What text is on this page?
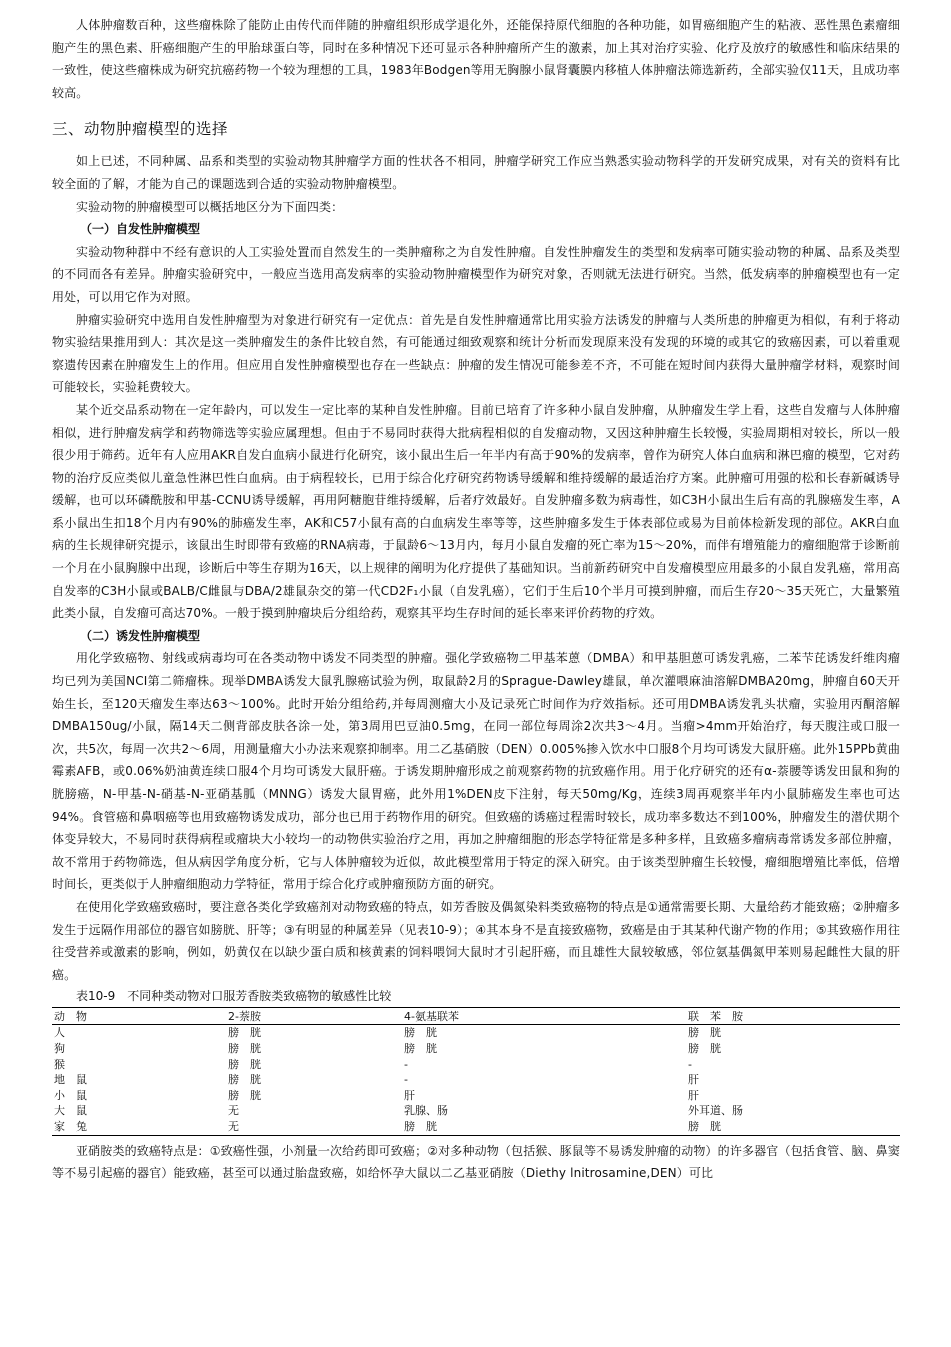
人体肿瘤数百种，这些瘤株除了能防止由传代而伴随的肿瘤组织形成学退化外，还能保持原代细胞的各种功能，如胃癌细胞产生的粘液、恶性黑色素瘤细胞产生的黑色素、肝癌细胞产生的甲胎球蛋白等，同时在多种情况下还可显示各种肿瘤所产生的激素，加上其对治疗实验、化疗及放疗的敏感性和临床结果的一致性，使这些瘤株成为研究抗癌药物一个较为理想的工具，1983年Bodgen等用无胸腺小鼠肾囊膜内移植人体肿瘤法筛选新药，全部实验仅11天，且成功率较高。

三、动物肿瘤模型的选择

如上已述，不同种属、品系和类型的实验动物其肿瘤学方面的性状各不相同，肿瘤学研究工作应当熟悉实验动物科学的开发研究成果，对有关的资料有比较全面的了解，才能为自己的课题选到合适的实验动物肿瘤模型。

实验动物的肿瘤模型可以概括地区分为下面四类：

（一）自发性肿瘤模型

实验动物种群中不经有意识的人工实验处置而自然发生的一类肿瘤称之为自发性肿瘤。自发性肿瘤发生的类型和发病率可随实验动物的种属、品系及类型的不同而各有差异。肿瘤实验研究中，一般应当选用高发病率的实验动物肿瘤模型作为研究对象，否则就无法进行研究。当然，低发病率的肿瘤模型也有一定用处，可以用它作为对照。

肿瘤实验研究中选用自发性肿瘤型为对象进行研究有一定优点：首先是自发性肿瘤通常比用实验方法诱发的肿瘤与人类所患的肿瘤更为相似，有利于将动物实验结果推用到人：其次是这一类肿瘤发生的条件比较自然，有可能通过细致观察和统计分析而发现原来没有发现的环境的或其它的致癌因素，可以着重观察遗传因素在肿瘤发生上的作用。但应用自发性肿瘤模型也存在一些缺点：肿瘤的发生情况可能参差不齐，不可能在短时间内获得大量肿瘤学材料，观察时间可能较长，实验耗费较大。

某个近交品系动物在一定年龄内，可以发生一定比率的某种自发性肿瘤。目前已培育了许多种小鼠自发肿瘤，从肿瘤发生学上看，这些自发瘤与人体肿瘤相似，进行肿瘤发病学和药物筛选等实验应属理想。但由于不易同时获得大批病程相似的自发瘤动物，又因这种肿瘤生长较慢，实验周期相对较长，所以一般很少用于筛药。近年有人应用AKR自发白血病小鼠进行化研究，该小鼠出生后一年半内有高于90%的发病率，曾作为研究人体白血病和淋巴瘤的模型，它对药物的治疗反应类似儿童急性淋巴性白血病。由于病程较长，已用于综合化疗研究药物诱导缓解和维持缓解的最适治疗方案。此肿瘤可用强的松和长春新碱诱导缓解，也可以环磷酰胺和甲基-CCNU诱导缓解，再用阿糖胞苷维持缓解，后者疗效最好。自发肿瘤多数为病毒性，如C3H小鼠出生后有高的乳腺癌发生率，A系小鼠出生扣18个月内有90%的肺癌发生率，AK和C57小鼠有高的白血病发生率等等，这些肿瘤多发生于体表部位或易为目前体检新发现的部位。AKR白血病的生长规律研究提示，该鼠出生时即带有致癌的RNA病毒，于鼠龄6～13月内，每月小鼠自发瘤的死亡率为15～20%，而伴有增殖能力的瘤细胞常于诊断前一个月在小鼠胸腺中出现，诊断后中等生存期为16天，以上规律的阐明为化疗提供了基础知识。当前新药研究中自发瘤模型应用最多的小鼠自发乳癌，常用高自发率的C3H小鼠或BALB/C雌鼠与DBA/2雄鼠杂交的第一代CD2F₁小鼠（自发乳癌），它们于生后10个半月可摸到肿瘤，而后生存20～35天死亡，大量繁殖此类小鼠，自发瘤可高达70%。一般于摸到肿瘤块后分组给药，观察其平均生存时间的延长率来评价药物的疗效。

（二）诱发性肿瘤模型

用化学致癌物、射线或病毒均可在各类动物中诱发不同类型的肿瘤。强化学致癌物二甲基苯蒽（DMBA）和甲基胆蒽可诱发乳癌，二苯芐芘诱发纤维肉瘤均已列为美国NCI第二筛瘤株。现举DMBA诱发大鼠乳腺癌试验为例，取鼠龄2月的Sprague-Dawley雄鼠，单次灌喂麻油溶解DMBA20mg，肿瘤自60天开始生长，至120天瘤发生率达63～100%。此时开始分组给药,并每周测瘤大小及记录死亡时间作为疗效指标。还可用DMBA诱发乳头状瘤，实验用丙酮溶解DMBA150ug/小鼠，隔14天二侧背部皮肤各涂一处，第3周用巴豆油0.5mg，在同一部位每周涂2次共3～4月。当瘤>4mm开始治疗，每天腹注或口服一次，共5次，每周一次共2～6周，用测量瘤大小办法来观察抑制率。用二乙基硝胺（DEN）0.005%掺入饮水中口服8个月均可诱发大鼠肝癌。此外15PPb黄曲霉素AFB，或0.06%奶油黄连续口服4个月均可诱发大鼠肝癌。于诱发期肿瘤形成之前观察药物的抗致癌作用。用于化疗研究的还有α-萘腰等诱发田鼠和狗的胱膀癌，N-甲基-N-硝基-N-亚硝基胍（MNNG）诱发大鼠胃癌，此外用1%DEN皮下注射，每天50mg/Kg，连续3周再观察半年内小鼠肺癌发生率也可达94%。食管癌和鼻咽癌等也用致癌物诱发成功，部分也已用于药物作用的研究。但致癌的诱癌过程需时较长，成功率多数达不到100%，肿瘤发生的潜伏期个体变异较大，不易同时获得病程或瘤块大小较均一的动物供实验治疗之用，再加之肿瘤细胞的形态学特征常是多种多样，且致癌多瘤病毒常诱发多部位肿瘤，故不常用于药物筛选，但从病因学角度分析，它与人体肿瘤较为近似，故此模型常用于特定的深入研究。由于该类型肿瘤生长较慢，瘤细胞增殖比率低，倍增时间长，更类似于人肿瘤细胞动力学特征，常用于综合化疗或肿瘤预防方面的研究。

在使用化学致癌致癌时，要注意各类化学致癌剂对动物致癌的特点，如芳香胺及偶氮染料类致癌物的特点是①通常需要长期、大量给药才能致癌；②肿瘤多发生于远隔作用部位的器官如膀胱、肝等；③有明显的种属差异（见表10-9）；④其本身不是直接致癌物，致癌是由于其某种代谢产物的作用；⑤其致癌作用往往受营养或激素的影响，例如，奶黄仅在以缺少蛋白质和核黄素的饲料喂饲大鼠时才引起肝癌，而且雄性大鼠较敏感，邻位氨基偶氮甲苯则易起雌性大鼠的肝癌。

表10-9　不同种类动物对口服芳香胺类致癌物的敏感性比较
动　物	2-萘胺	4-氨基联苯	联　苯　胺
人	膀　胱	膀　胱	膀　胱
狗	膀　胱	膀　胱	膀　胱
猴	膀　胱	-	-
地　鼠	膀　胱	-	肝
小　鼠	膀　胱	肝	肝
大　鼠	无	乳腺、肠	外耳道、肠
家　兔	无	膀　胱	膀　胱

亚硝胺类的致癌特点是：①致癌性强，小剂量一次给药即可致癌；②对多种动物（包括猴、豚鼠等不易诱发肿瘤的动物）的许多器官（包括食管、脑、鼻窦等不易引起癌的器官）能致癌，甚至可以通过胎盘致癌，如给怀孕大鼠以二乙基亚硝胺（Diethy lnitrosamine,DEN）可比
